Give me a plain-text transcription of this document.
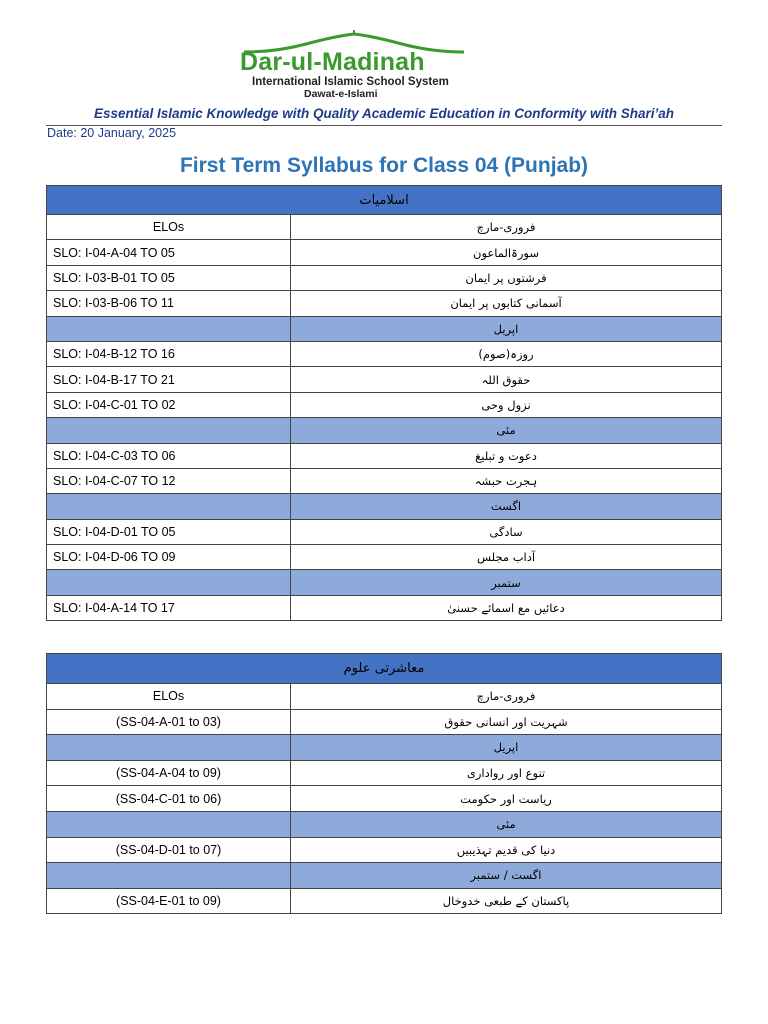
Dar-ul-Madinah
International Islamic School System
Dawat-e-Islami
Essential Islamic Knowledge with Quality Academic Education in Conformity with Shari’ah
Date: 20 January, 2025
First Term Syllabus for Class 04 (Punjab)
اسلامیات	
ELOs	فروری-مارچ
SLO: I-04-A-04 TO 05	سورۃالماعون
SLO: I-03-B-01 TO 05	فرشتوں پر ایمان
SLO: I-03-B-06 TO 11	آسمانی کتابوں پر ایمان
	اپریل
SLO: I-04-B-12 TO 16	روزہ(صوم)
SLO: I-04-B-17 TO 21	حقوق اللہ
SLO: I-04-C-01 TO 02	نزول وحی
	مئی
SLO: I-04-C-03 TO 06	دعوت و تبلیغ
SLO: I-04-C-07 TO 12	ہجرت حبشہ
	اگست
SLO: I-04-D-01 TO 05	سادگی
SLO: I-04-D-06 TO 09	آداب مجلس
	ستمبر
SLO: I-04-A-14 TO 17	دعائیں مع اسمائے حسنیٰ
معاشرتی علوم	
ELOs	فروری-مارچ
(SS-04-A-01 to 03)	شہریت اور انسانی حقوق
	اپریل
(SS-04-A-04 to 09)	تنوع اور رواداری
(SS-04-C-01 to 06)	ریاست اور حکومت
	مئی
(SS-04-D-01 to 07)	دنیا کی قدیم تہذیبیں
	اگست / ستمبر
(SS-04-E-01 to 09)	پاکستان کے طبعی خدوخال
